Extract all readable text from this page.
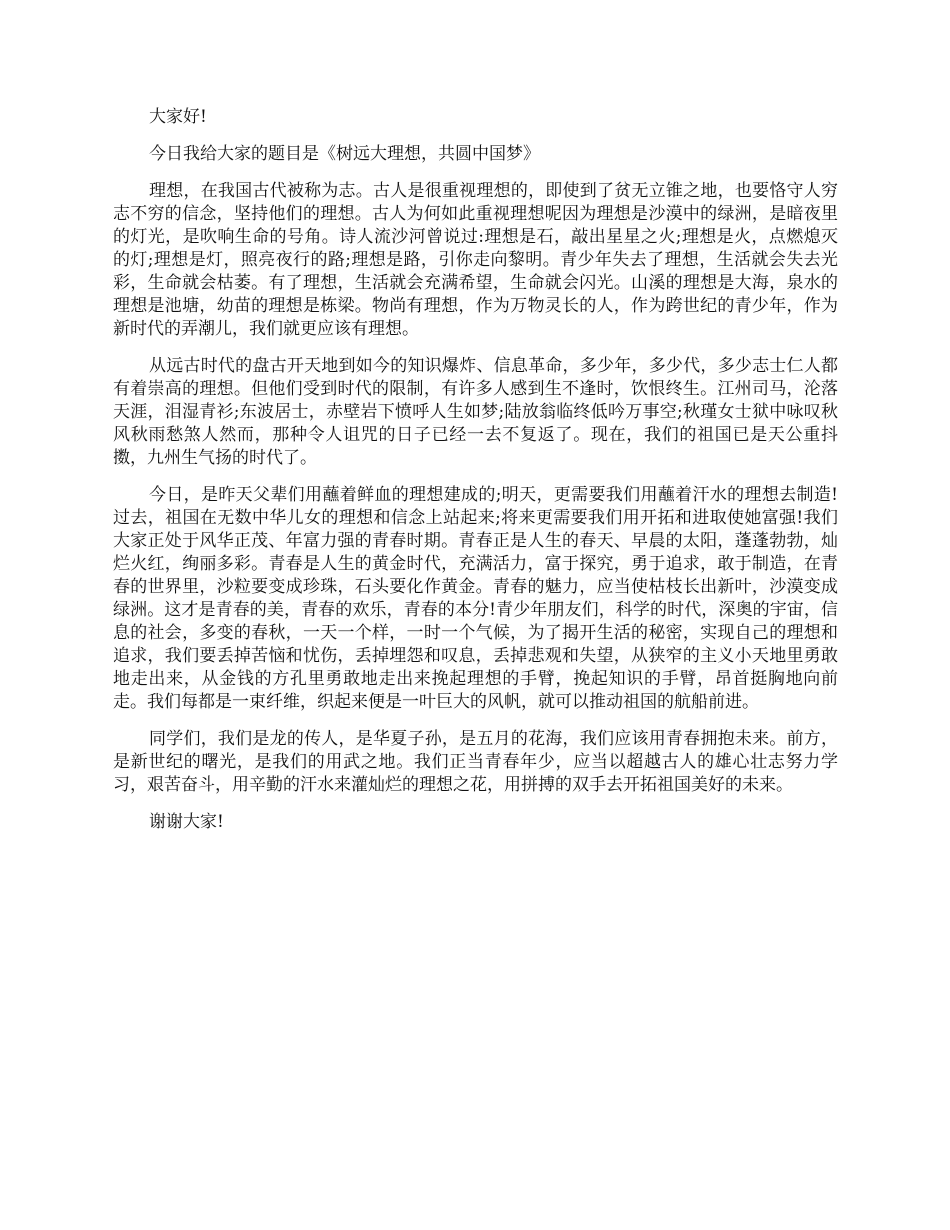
大家好!

今日我给大家的题目是《树远大理想，共圆中国梦》

理想，在我国古代被称为志。古人是很重视理想的，即使到了贫无立锥之地，也要恪守人穷志不穷的信念，坚持他们的理想。古人为何如此重视理想呢因为理想是沙漠中的绿洲，是暗夜里的灯光，是吹响生命的号角。诗人流沙河曾说过:理想是石，敲出星星之火;理想是火，点燃熄灭的灯;理想是灯，照亮夜行的路;理想是路，引你走向黎明。青少年失去了理想，生活就会失去光彩，生命就会枯萎。有了理想，生活就会充满希望，生命就会闪光。山溪的理想是大海，泉水的理想是池塘，幼苗的理想是栋梁。物尚有理想，作为万物灵长的人，作为跨世纪的青少年，作为新时代的弄潮儿，我们就更应该有理想。

从远古时代的盘古开天地到如今的知识爆炸、信息革命，多少年，多少代，多少志士仁人都有着崇高的理想。但他们受到时代的限制，有许多人感到生不逢时，饮恨终生。江州司马，沦落天涯，泪湿青衫;东波居士，赤壁岩下愤呼人生如梦;陆放翁临终低吟万事空;秋瑾女士狱中咏叹秋风秋雨愁煞人然而，那种令人诅咒的日子已经一去不复返了。现在，我们的祖国已是天公重抖擞，九州生气扬的时代了。

今日，是昨天父辈们用蘸着鲜血的理想建成的;明天，更需要我们用蘸着汗水的理想去制造!过去，祖国在无数中华儿女的理想和信念上站起来;将来更需要我们用开拓和进取使她富强!我们大家正处于风华正茂、年富力强的青春时期。青春正是人生的春天、早晨的太阳，蓬蓬勃勃，灿烂火红，绚丽多彩。青春是人生的黄金时代，充满活力，富于探究，勇于追求，敢于制造，在青春的世界里，沙粒要变成珍珠，石头要化作黄金。青春的魅力，应当使枯枝长出新叶，沙漠变成绿洲。这才是青春的美，青春的欢乐，青春的本分!青少年朋友们，科学的时代，深奥的宇宙，信息的社会，多变的春秋，一天一个样，一时一个气候，为了揭开生活的秘密，实现自己的理想和追求，我们要丢掉苦恼和忧伤，丢掉埋怨和叹息，丢掉悲观和失望，从狭窄的主义小天地里勇敢地走出来，从金钱的方孔里勇敢地走出来挽起理想的手臂，挽起知识的手臂，昂首挺胸地向前走。我们每都是一束纤维，织起来便是一叶巨大的风帆，就可以推动祖国的航船前进。

同学们，我们是龙的传人，是华夏子孙，是五月的花海，我们应该用青春拥抱未来。前方，是新世纪的曙光，是我们的用武之地。我们正当青春年少，应当以超越古人的雄心壮志努力学习，艰苦奋斗，用辛勤的汗水来灌灿烂的理想之花，用拼搏的双手去开拓祖国美好的未来。

谢谢大家!
